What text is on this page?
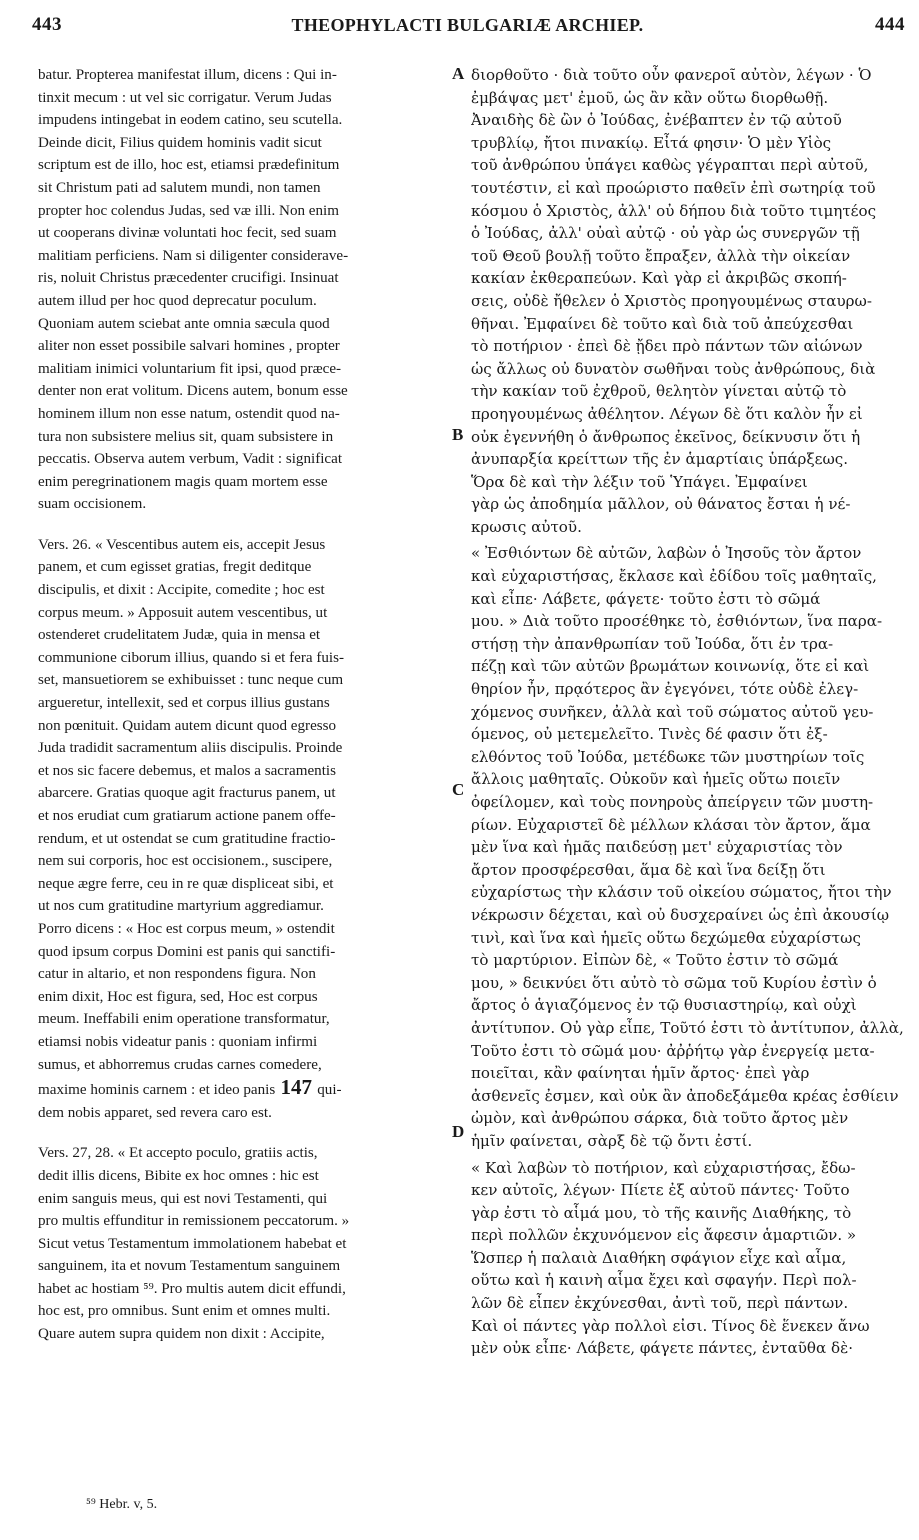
443	THEOPHYLACTI BULGARIÆ ARCHIEP.	444
batur. Propterea manifestat illum, dicens : Qui in-
tinxit mecum : ut vel sic corrigatur. Verum Judas
impudens intingebat in eodem catino, seu scutella.
Deinde dicit, Filius quidem hominis vadit sicut
scriptum est de illo, hoc est, etiamsi prædefinitum
sit Christum pati ad salutem mundi, non tamen
propter hoc colendus Judas, sed væ illi. Non enim
ut cooperans divinæ voluntati hoc fecit, sed suam
malitiam perficiens. Nam si diligenter considerave-
ris, noluit Christus præcedenter crucifigi. Insinuat
autem illud per hoc quod deprecatur poculum.
Quoniam autem sciebat ante omnia sæcula quod
aliter non esset possibile salvari homines , propter
malitiam inimici voluntarium fit ipsi, quod præce-
denter non erat volitum. Dicens autem, bonum esse
hominem illum non esse natum, ostendit quod na-
tura non subsistere melius sit, quam subsistere in
peccatis. Observa autem verbum, Vadit : significat
enim peregrinationem magis quam mortem esse
suam occisionem.
Vers. 26. « Vescentibus autem eis, accepit Jesus
panem, et cum egisset gratias, fregit deditque
discipulis, et dixit : Accipite, comedite ; hoc est
corpus meum. » Apposuit autem vescentibus, ut
ostenderet crudelitatem Judæ, quia in mensa et
communione ciborum illius, quando si et fera fuis-
set, mansuetiorem se exhibuisset : tunc neque cum
argueretur, intellexit, sed et corpus illius gustans
non pœnituit. Quidam autem dicunt quod egresso
Juda tradidit sacramentum aliis discipulis. Proinde
et nos sic facere debemus, et malos a sacramentis
abarcere. Gratias quoque agit fracturus panem, ut
et nos erudiat cum gratiarum actione panem offe-
rendum, et ut ostendat se cum gratitudine fractio-
nem sui corporis, hoc est occisionem., suscipere,
neque ægre ferre, ceu in re quæ displiceat sibi, et
ut nos cum gratitudine martyrium aggrediamur.
Porro dicens : « Hoc est corpus meum, » ostendit
quod ipsum corpus Domini est panis qui sanctifi-
catur in altario, et non respondens figura. Non
enim dixit, Hoc est figura, sed, Hoc est corpus
meum. Ineffabili enim operatione transformatur,
etiamsi nobis videatur panis : quoniam infirmi
sumus, et abhorremus crudas carnes comedere,
maxime hominis carnem : et ideo panis 147 qui-
dem nobis apparet, sed revera caro est.
Vers. 27, 28. « Et accepto poculo, gratiis actis,
dedit illis dicens, Bibite ex hoc omnes : hic est
enim sanguis meus, qui est novi Testamenti, qui
pro multis effunditur in remissionem peccatorum. »
Sicut vetus Testamentum immolationem habebat et
sanguinem, ita et novum Testamentum sanguinem
habet ac hostiam ⁵⁹. Pro multis autem dicit effundi,
hoc est, pro omnibus. Sunt enim et omnes multi.
Quare autem supra quidem non dixit : Accipite,
διορθοῦτο · διὰ τοῦτο οὖν φανεροῖ αὐτὸν, λέγων · Ὁ
ἐμβάψας μετ' ἐμοῦ, ὡς ἂν κἂν οὕτω διορθωθῇ.
Ἀναιδὴς δὲ ὢν ὁ Ἰούδας, ἐνέβαπτεν ἐν τῷ αὐτοῦ
τρυβλίῳ, ἤτοι πινακίῳ. Εἶτά φησιν· Ὁ μὲν Υἱὸς
τοῦ ἀνθρώπου ὑπάγει καθὼς γέγραπται περὶ αὐτοῦ,
τουτέστιν, εἰ καὶ προώριστο παθεῖν ἐπὶ σωτηρίᾳ τοῦ
κόσμου ὁ Χριστὸς, ἀλλ' οὐ δήπου διὰ τοῦτο τιμητέος
ὁ Ἰούδας, ἀλλ' οὐαὶ αὐτῷ · οὐ γὰρ ὡς συνεργῶν τῇ
τοῦ Θεοῦ βουλῇ τοῦτο ἔπραξεν, ἀλλὰ τὴν οἰκείαν
κακίαν ἐκθεραπεύων. Καὶ γὰρ εἰ ἀκριβῶς σκοπή-
σεις, οὐδὲ ἤθελεν ὁ Χριστὸς προηγουμένως σταυρω-
θῆναι. Ἐμφαίνει δὲ τοῦτο καὶ διὰ τοῦ ἀπεύχεσθαι
τὸ ποτήριον · ἐπεὶ δὲ ᾔδει πρὸ πάντων τῶν αἰώνων
ὡς ἄλλως οὐ δυνατὸν σωθῆναι τοὺς ἀνθρώπους, διὰ
τὴν κακίαν τοῦ ἐχθροῦ, θελητὸν γίνεται αὐτῷ τὸ
προηγουμένως ἀθέλητον. Λέγων δὲ ὅτι καλὸν ἦν εἰ
οὐκ ἐγεννήθη ὁ ἄνθρωπος ἐκεῖνος, δείκνυσιν ὅτι ἡ
ἀνυπαρξία κρείττων τῆς ἐν ἁμαρτίαις ὑπάρξεως.
Ὅρα δὲ καὶ τὴν λέξιν τοῦ Ὑπάγει. Ἐμφαίνει
γὰρ ὡς ἀποδημία μᾶλλον, οὐ θάνατος ἔσται ἡ νέ-
κρωσις αὐτοῦ.
« Ἐσθιόντων δὲ αὐτῶν, λαβὼν ὁ Ἰησοῦς τὸν ἄρτον
καὶ εὐχαριστήσας, ἔκλασε καὶ ἐδίδου τοῖς μαθηταῖς,
καὶ εἶπε· Λάβετε, φάγετε· τοῦτο ἐστι τὸ σῶμά
μου. » Διὰ τοῦτο προσέθηκε τὸ, ἐσθιόντων, ἵνα παρα-
στήσῃ τὴν ἀπανθρωπίαν τοῦ Ἰούδα, ὅτι ἐν τρα-
πέζῃ καὶ τῶν αὐτῶν βρωμάτων κοινωνίᾳ, ὅτε εἰ καὶ
θηρίον ἦν, πρᾳότερος ἂν ἐγεγόνει, τότε οὐδὲ ἐλεγ-
χόμενος συνῆκεν, ἀλλὰ καὶ τοῦ σώματος αὐτοῦ γευ-
όμενος, οὐ μετεμελεῖτο. Τινὲς δέ φασιν ὅτι ἐξ-
ελθόντος τοῦ Ἰούδα, μετέδωκε τῶν μυστηρίων τοῖς
ἄλλοις μαθηταῖς. Οὐκοῦν καὶ ἡμεῖς οὕτω ποιεῖν
ὀφείλομεν, καὶ τοὺς πονηροὺς ἀπείργειν τῶν μυστη-
ρίων. Εὐχαριστεῖ δὲ μέλλων κλάσαι τὸν ἄρτον, ἅμα
μὲν ἵνα καὶ ἡμᾶς παιδεύσῃ μετ' εὐχαριστίας τὸν
ἄρτον προσφέρεσθαι, ἅμα δὲ καὶ ἵνα δείξῃ ὅτι
εὐχαρίστως τὴν κλάσιν τοῦ οἰκείου σώματος, ἤτοι τὴν
νέκρωσιν δέχεται, καὶ οὐ δυσχεραίνει ὡς ἐπὶ ἀκουσίῳ
τινὶ, καὶ ἵνα καὶ ἡμεῖς οὕτω δεχώμεθα εὐχαρίστως
τὸ μαρτύριον. Εἰπὼν δὲ, « Τοῦτο ἐστιν τὸ σῶμά
μου, » δεικνύει ὅτι αὐτὸ τὸ σῶμα τοῦ Κυρίου ἐστὶν ὁ
ἄρτος ὁ ἁγιαζόμενος ἐν τῷ θυσιαστηρίῳ, καὶ οὐχὶ
ἀντίτυπον. Οὐ γὰρ εἶπε, Τοῦτό ἐστι τὸ ἀντίτυπον, ἀλλὰ,
Τοῦτο ἐστι τὸ σῶμά μου· ἀῤῥήτῳ γὰρ ἐνεργείᾳ μετα-
ποιεῖται, κἂν φαίνηται ἡμῖν ἄρτος· ἐπεὶ γὰρ
ἀσθενεῖς ἐσμεν, καὶ οὐκ ἂν ἀποδεξάμεθα κρέας ἐσθίειν
ὠμὸν, καὶ ἀνθρώπου σάρκα, διὰ τοῦτο ἄρτος μὲν
ἡμῖν φαίνεται, σὰρξ δὲ τῷ ὄντι ἐστί.
« Καὶ λαβὼν τὸ ποτήριον, καὶ εὐχαριστήσας, ἔδω-
κεν αὐτοῖς, λέγων· Πίετε ἐξ αὐτοῦ πάντες· Τοῦτο
γὰρ ἐστι τὸ αἷμά μου, τὸ τῆς καινῆς Διαθήκης, τὸ
περὶ πολλῶν ἐκχυνόμενον εἰς ἄφεσιν ἁμαρτιῶν. »
Ὥσπερ ἡ παλαιὰ Διαθήκη σφάγιον εἶχε καὶ αἷμα,
οὕτω καὶ ἡ καινὴ αἷμα ἔχει καὶ σφαγήν. Περὶ πολ-
λῶν δὲ εἶπεν ἐκχύνεσθαι, ἀντὶ τοῦ, περὶ πάντων.
Καὶ οἱ πάντες γὰρ πολλοὶ εἰσι. Τίνος δὲ ἕνεκεν ἄνω
μὲν οὐκ εἶπε· Λάβετε, φάγετε πάντες, ἐνταῦθα δὲ·
A
B
C
D
⁵⁹ Hebr. v, 5.
